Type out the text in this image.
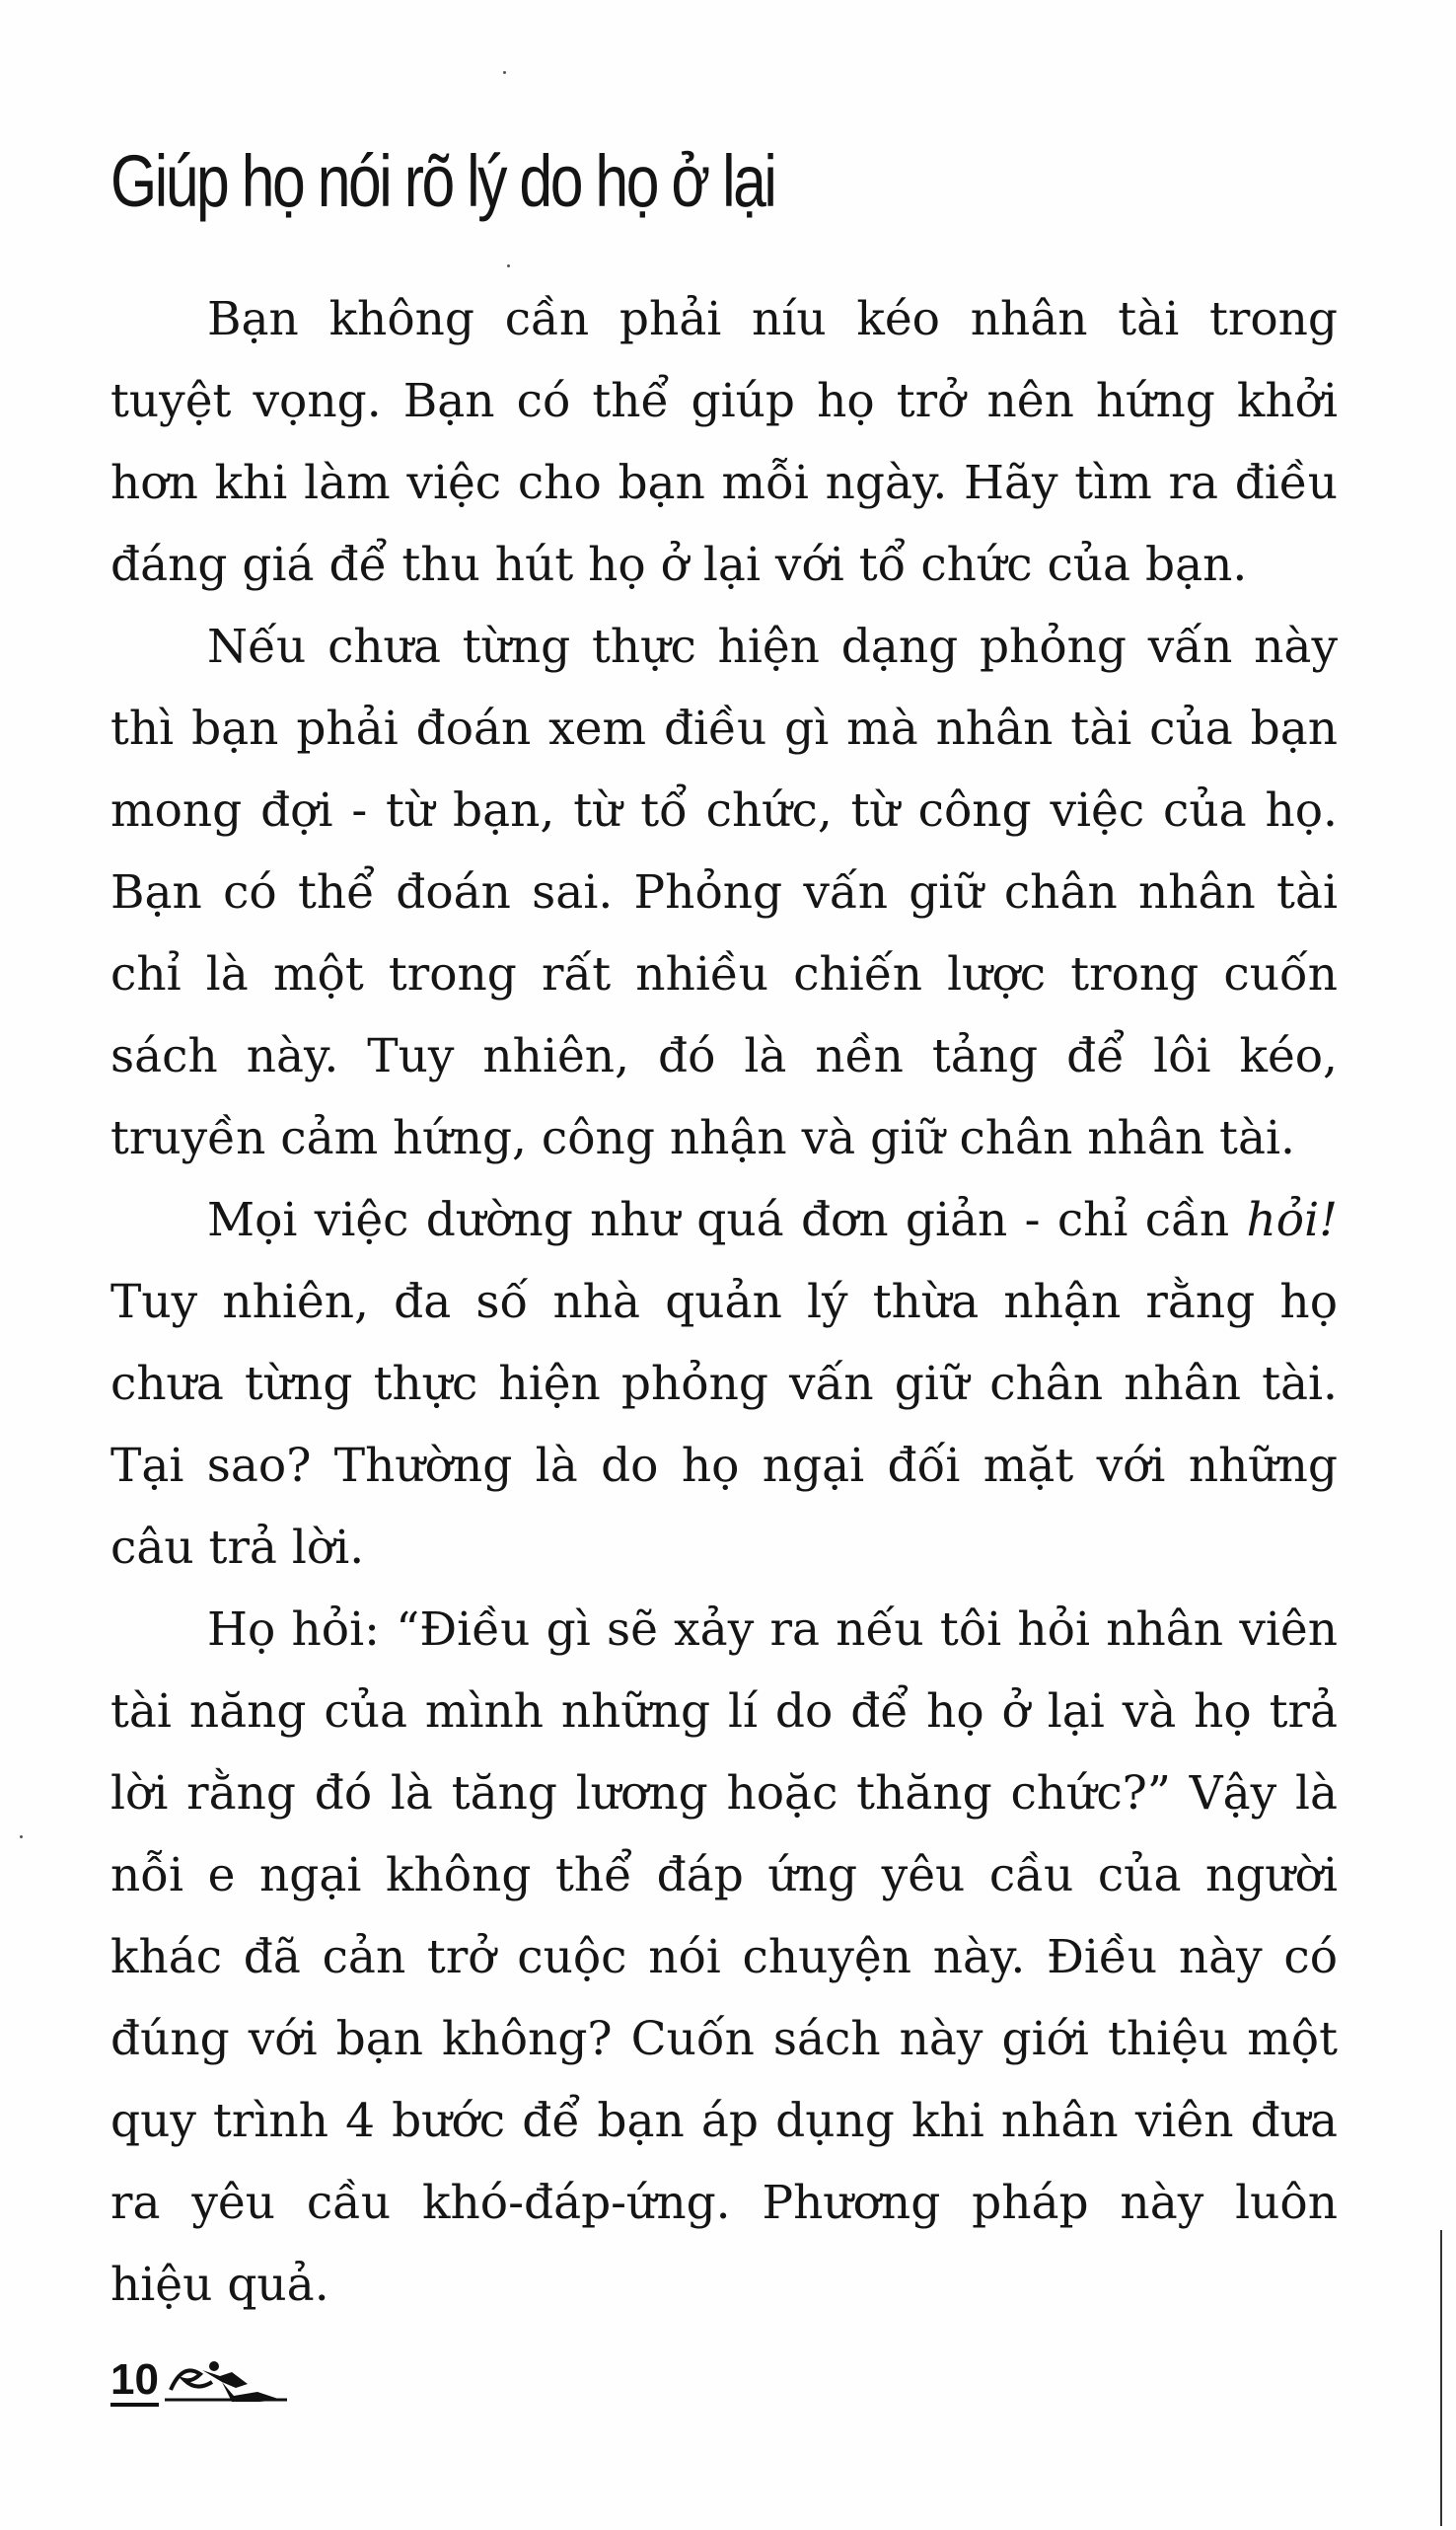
Giúp họ nói rõ lý do họ ở lại
Bạn không cần phải níu kéo nhân tài trong
tuyệt vọng. Bạn có thể giúp họ trở nên hứng khởi
hơn khi làm việc cho bạn mỗi ngày. Hãy tìm ra điều
đáng giá để thu hút họ ở lại với tổ chức của bạn.
Nếu chưa từng thực hiện dạng phỏng vấn này
thì bạn phải đoán xem điều gì mà nhân tài của bạn
mong đợi - từ bạn, từ tổ chức, từ công việc của họ.
Bạn có thể đoán sai. Phỏng vấn giữ chân nhân tài
chỉ là một trong rất nhiều chiến lược trong cuốn
sách này. Tuy nhiên, đó là nền tảng để lôi kéo,
truyền cảm hứng, công nhận và giữ chân nhân tài.
Mọi việc dường như quá đơn giản - chỉ cần hỏi!
Tuy nhiên, đa số nhà quản lý thừa nhận rằng họ
chưa từng thực hiện phỏng vấn giữ chân nhân tài.
Tại sao? Thường là do họ ngại đối mặt với những
câu trả lời.
Họ hỏi: “Điều gì sẽ xảy ra nếu tôi hỏi nhân viên
tài năng của mình những lí do để họ ở lại và họ trả
lời rằng đó là tăng lương hoặc thăng chức?” Vậy là
nỗi e ngại không thể đáp ứng yêu cầu của người
khác đã cản trở cuộc nói chuyện này. Điều này có
đúng với bạn không? Cuốn sách này giới thiệu một
quy trình 4 bước để bạn áp dụng khi nhân viên đưa
ra yêu cầu khó-đáp-ứng. Phương pháp này luôn
hiệu quả.
10
